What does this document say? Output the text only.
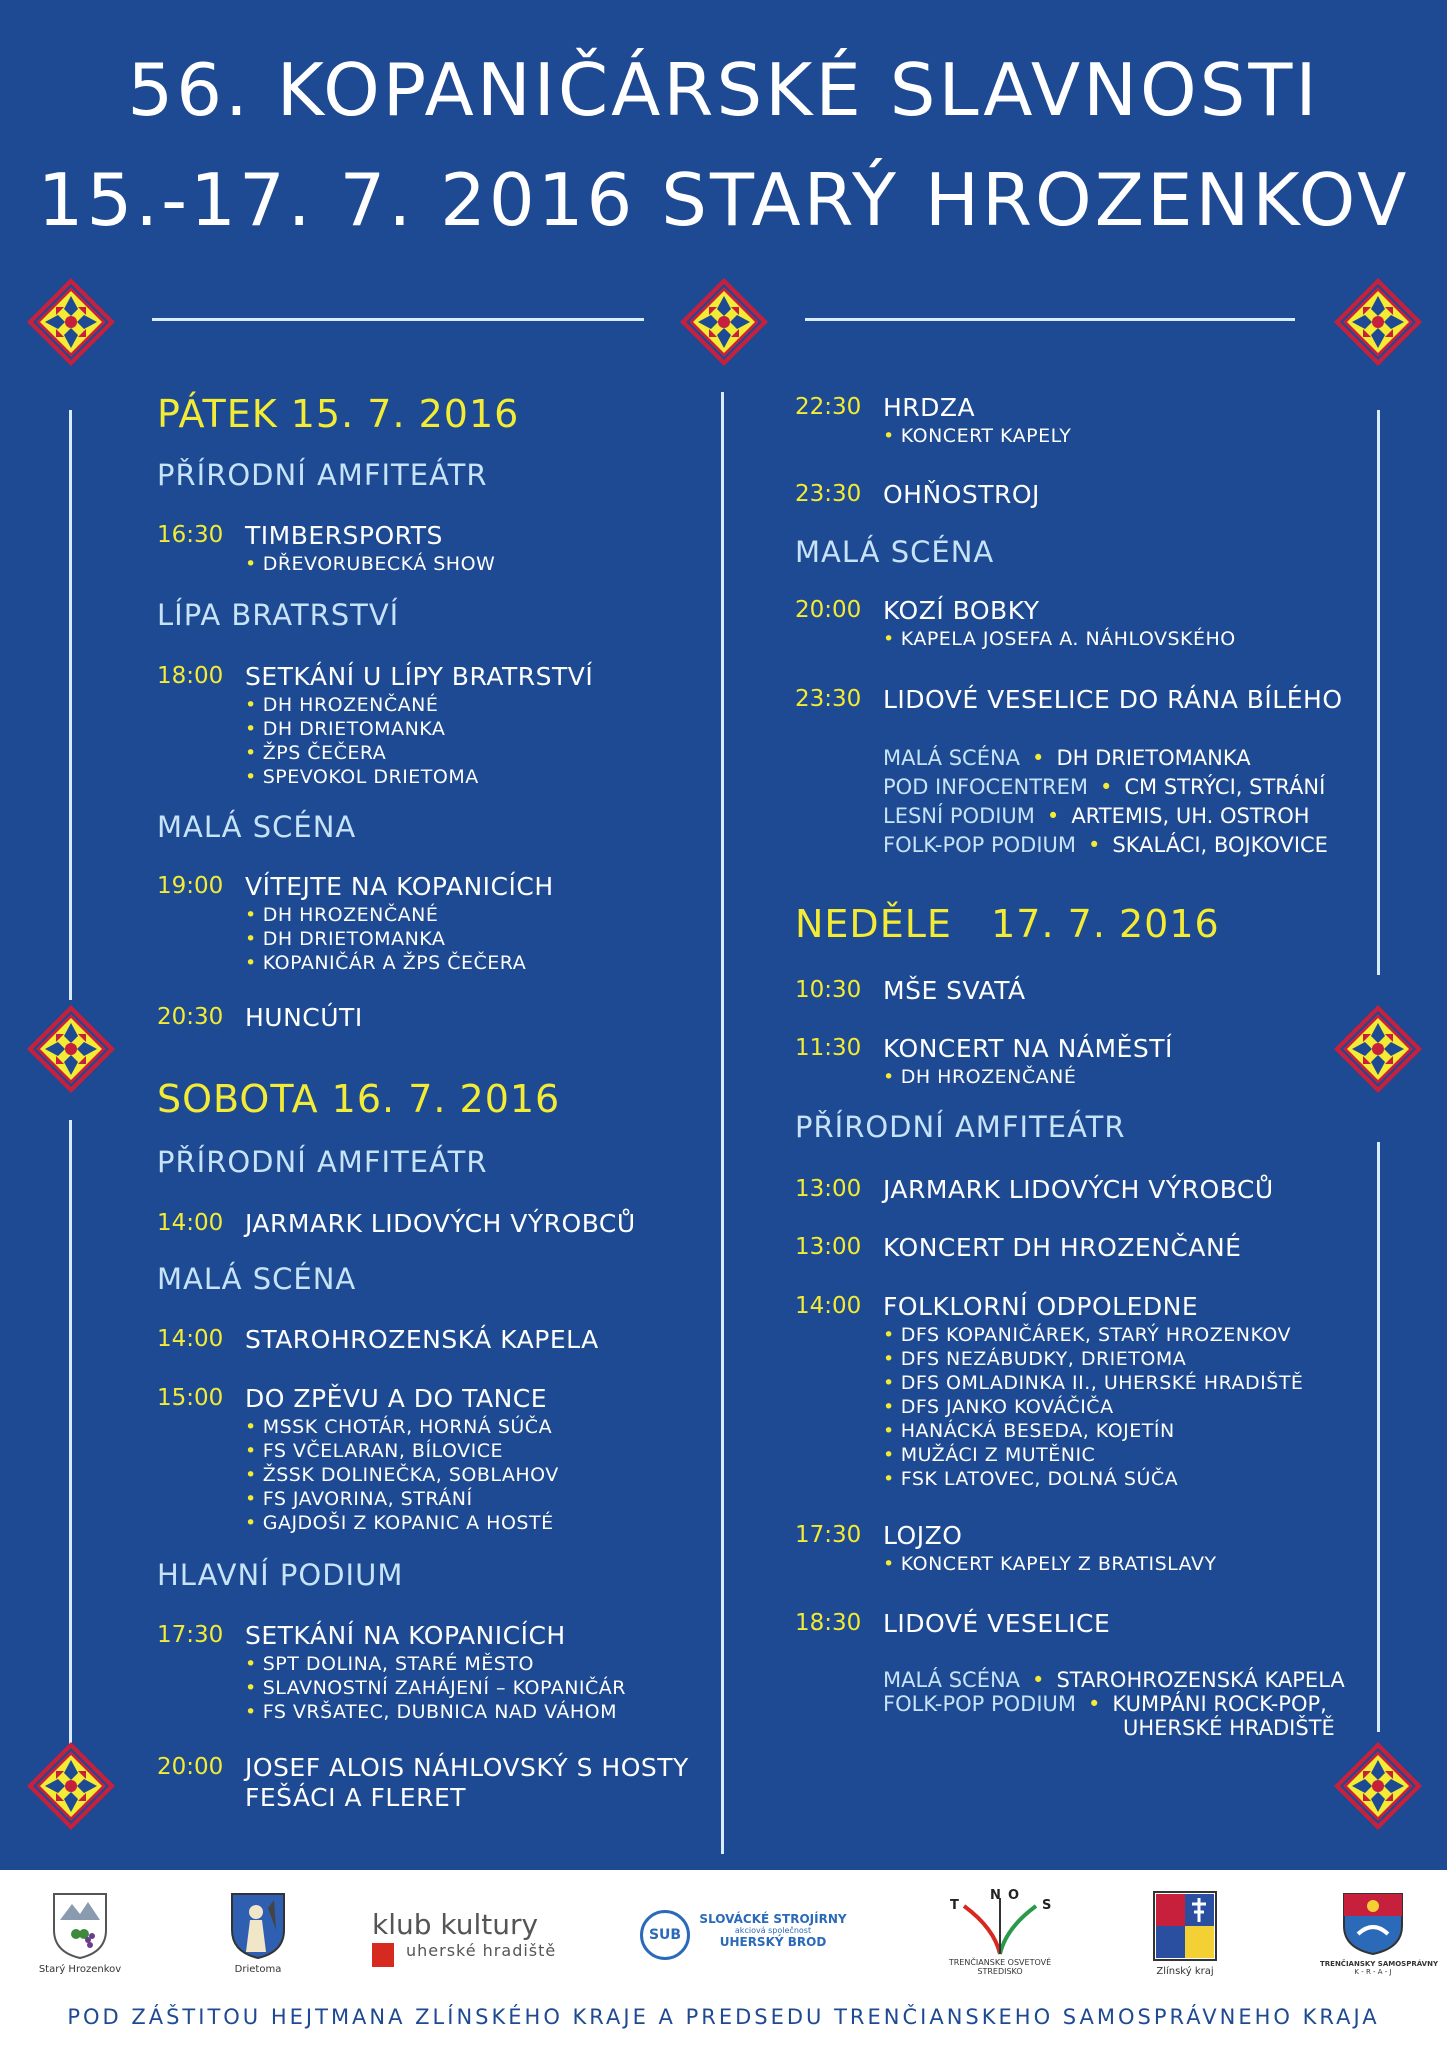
56. KOPANIČÁRSKÉ SLAVNOSTI
15.-17. 7. 2016 STARÝ HROZENKOV
PÁTEK 15. 7. 2016
PŘÍRODNÍ AMFITEÁTR
16:30 TIMBERSPORTS
• DŘEVORUBECKÁ SHOW
LÍPA BRATRSTVÍ
18:00 SETKÁNÍ U LÍPY BRATRSTVÍ
• DH HROZENČANÉ
• DH DRIETOMANKA
• ŽPS ČEČERA
• SPEVOKOL DRIETOMA
MALÁ SCÉNA
19:00 VÍTEJTE NA KOPANICÍCH
• DH HROZENČANÉ
• DH DRIETOMANKA
• KOPANIČÁR A ŽPS ČEČERA
20:30 HUNCÚTI
SOBOTA 16. 7. 2016
PŘÍRODNÍ AMFITEÁTR
14:00 JARMARK LIDOVÝCH VÝROBCŮ
MALÁ SCÉNA
14:00 STAROHROZENSKÁ KAPELA
15:00 DO ZPĚVU A DO TANCE
• MSSK CHOTÁR, HORNÁ SÚČA
• FS VČELARAN, BÍLOVICE
• ŽSSK DOLINEČKA, SOBLAHOV
• FS JAVORINA, STRÁNÍ
• GAJDOŠI Z KOPANIC A HOSTÉ
HLAVNÍ PODIUM
17:30 SETKÁNÍ NA KOPANICÍCH
• SPT DOLINA, STARÉ MĚSTO
• SLAVNOSTNÍ ZAHÁJENÍ – KOPANIČÁR
• FS VRŠATEC, DUBNICA NAD VÁHOM
20:00 JOSEF ALOIS NÁHLOVSKÝ S HOSTY
FEŠÁCI A FLERET
22:30 HRDZA
• KONCERT KAPELY
23:30 OHŇOSTROJ
MALÁ SCÉNA
20:00 KOZÍ BOBKY
• KAPELA JOSEFA A. NÁHLOVSKÉHO
23:30 LIDOVÉ VESELICE DO RÁNA BÍLÉHO
MALÁ SCÉNA • DH DRIETOMANKA
POD INFOCENTREM • CM STRÝCI, STRÁNÍ
LESNÍ PODIUM • ARTEMIS, UH. OSTROH
FOLK-POP PODIUM • SKALÁCI, BOJKOVICE
NEDĚLE   17. 7. 2016
10:30 MŠE SVATÁ
11:30 KONCERT NA NÁMĚSTÍ
• DH HROZENČANÉ
PŘÍRODNÍ AMFITEÁTR
13:00 JARMARK LIDOVÝCH VÝROBCŮ
13:00 KONCERT DH HROZENČANÉ
14:00 FOLKLORNÍ ODPOLEDNE
• DFS KOPANIČÁREK, STARÝ HROZENKOV
• DFS NEZÁBUDKY, DRIETOMA
• DFS OMLADINKA II., UHERSKÉ HRADIŠTĚ
• DFS JANKO KOVÁČIČA
• HANÁCKÁ BESEDA, KOJETÍN
• MUŽÁCI Z MUTĚNIC
• FSK LATOVEC, DOLNÁ SÚČA
17:30 LOJZO
• KONCERT KAPELY Z BRATISLAVY
18:30 LIDOVÉ VESELICE
MALÁ SCÉNA • STAROHROZENSKÁ KAPELA
FOLK-POP PODIUM • KUMPÁNI ROCK-POP,
UHERSKÉ HRADIŠTĚ
Starý Hrozenkov	Drietoma
klub kultury
uherské hradiště
SUB
SLOVÁCKÉ STROJÍRNY
akciová společnost
UHERSKÝ BROD
T
N O
S
TRENČIANSKE OSVETOVÉ STREDISKO	Zlínský kraj
TRENČIANSKY SAMOSPRÁVNY
K - R - A - J
POD ZÁŠTITOU HEJTMANA ZLÍNSKÉHO KRAJE A PREDSEDU TRENČIANSKEHO SAMOSPRÁVNEHO KRAJA
